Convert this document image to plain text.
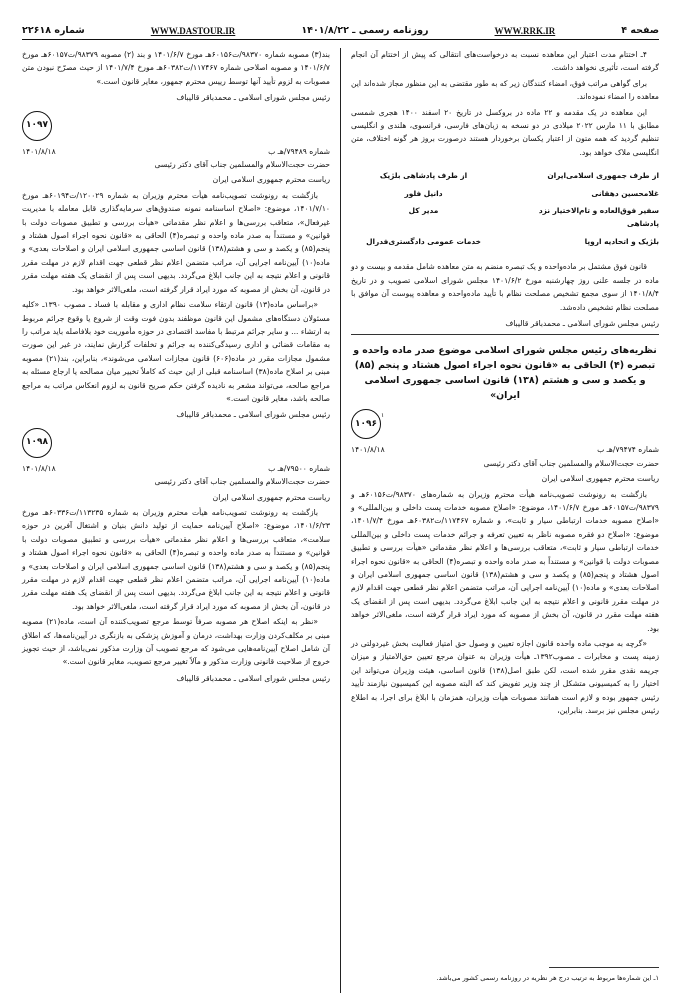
صفحه ۴
WWW.RRK.IR
روزنامه رسمی ـ ۱۴۰۱/۸/۲۲
WWW.DASTOUR.IR
شماره ۲۲۶۱۸

۴ـ اختتام مدت اعتبار این معاهده نسبت به درخواست‌های انتقالی که پیش از اختتام آن انجام گرفته است، تأثیری نخواهد داشت.

برای گواهی مراتب فوق، امضاء کنندگان زیر که به طور مقتضی به این منظور مجاز شده‌اند این معاهده را امضاء نموده‌اند.

این معاهده در یک مقدمه و ۲۲ ماده در بروکسل در تاریخ ۲۰ اسفند ۱۴۰۰ هجری شمسی مطابق با ۱۱ مارس ۲۰۲۲ میلادی در دو نسخه به زبان‌های فارسی، فرانسوی، هلندی و انگلیسی تنظیم گردید که همه متون از اعتبار یکسان برخوردار هستند درصورت بروز هر گونه اختلاف، متن انگلیسی ملاک خواهد بود.

از طرف جمهوری اسلامی‌ایران
از طرف پادشاهی بلژیک
غلامحسین دهقانی
دانیل فلور
سفیر فوق‌العاده و تام‌الاختیار نزد پادشاهی
مدیر کل
بلژیک و اتحادیه اروپا
خدمات عمومی دادگستری‌فدرال

قانون فوق مشتمل بر ماده‌واحده و یک تبصره منضم به متن معاهده شامل مقدمه و بیست و دو ماده در جلسه علنی روز چهارشنبه مورخ ۱۴۰۱/۶/۲ مجلس شورای اسلامی تصویب و در تاریخ ۱۴۰۱/۸/۴ از سوی مجمع تشخیص مصلحت نظام با تأیید ماده‌واحده و معاهده پیوست آن موافق با مصلحت نظام تشخیص داده‌شد.

رئیس مجلس شورای اسلامی ـ محمدباقر قالیباف

نظریه‌های رئیس مجلس شورای اسلامی موضوع صدر ماده واحده و تبصره (۴) الحاقی به «قانون نحوه اجراء اصول هشتاد و پنجم (۸۵) و یکصد و سی و هشتم (۱۳۸) قانون اساسی جمهوری اسلامی ایران»
۱
۱۰۹۶
شماره ۷۹۴۷۴/هـ ب
۱۴۰۱/۸/۱۸

حضرت حجت‌الاسلام والمسلمین جناب آقای دکتر رئیسی

ریاست محترم جمهوری اسلامی ایران

بازگشت به رونوشت تصویب‌نامه هیأت محترم وزیران به شماره‌های ۹۸۳۷۰/ت۶۰۱۵۶هـ و ۹۸۳۷۹/ت۶۰۱۵۷هـ مورخ ۱۴۰۱/۶/۷، موضوع: «اصلاح مصوبه خدمات پست داخلی و بین‌المللی» و «اصلاح مصوبه خدمات ارتباطی سیار و ثابت»، و شماره ۱۱۷۴۶۷/ت۶۰۳۸۲هـ مورخ ۱۴۰۱/۷/۴، موضوع: «اصلاح دو فقره مصوبه ناظر به تعیین تعرفه و جرائم خدمات پست داخلی و بین‌المللی خدمات ارتباطی سیار و ثابت»، متعاقب بررسی‌ها و اعلام نظر مقدماتی «هیأت بررسی و تطبیق مصوبات دولت با قوانین» و مستنداً به صدر ماده واحده و تبصره(۴) الحاقی به «قانون نحوه اجراء اصول هشتاد و پنجم(۸۵) و یکصد و سی و هشتم(۱۳۸) قانون اساسی جمهوری اسلامی ایران و اصلاحات بعدی» و ماده(۱۰) آیین‌نامه اجرایی آن، مراتب متضمن اعلام نظر قطعی جهت اقدام لازم در مهلت مقرر قانونی و اعلام نتیجه به این جانب ابلاغ می‌گردد. بدیهی است پس از انقضای یک هفته مهلت مقرر در قانون، آن بخش از مصوبه که مورد ایراد قرار گرفته است، ملغی‌الاثر خواهد بود.

«گرچه به موجب ماده واحده قانون اجازه تعیین و وصول حق امتیاز فعالیت بخش غیردولتی در زمینه پست و مخابرات ـ مصوب۱۳۹۲ـ هیأت وزیران به عنوان مرجع تعیین حق‌الامتیاز و میزان جریمه نقدی مقرر شده است، لکن طبق اصل(۱۳۸) قانون اساسی، هیئت وزیران می‌تواند این اختیار را به کمیسیونی متشکل از چند وزیر تفویض کند که البته مصوبه این کمیسیون نیازمند تأیید رئیس جمهور بوده و لازم است همانند مصوبات هیأت وزیران، همزمان با ابلاغ برای اجرا، به اطلاع رئیس مجلس نیز برسد. بنابراین،

۱ـ این شماره‌ها مربوط به ترتیب درج هر نظریه در روزنامه رسمی کشور می‌باشد.

بند(۳) مصوبه شماره ۹۸۳۷۰/ت۶۰۱۵۶هـ مورخ ۱۴۰۱/۶/۷ و بند (۲) مصوبه ۹۸۳۷۹/ت۶۰۱۵۷هـ مورخ ۱۴۰۱/۶/۷ و مصوبه اصلاحی شماره ۱۱۷۴۶۷/ت۶۰۳۸۲هـ مورخ ۱۴۰۱/۷/۴ از حیث مصرّح نبودن متن مصوبات به لزوم تأیید آنها توسط رییس محترم جمهور، مغایر قانون است.»

رئیس مجلس شورای اسلامی ـ محمدباقر قالیباف

۱۰۹۷
شماره ۷۹۴۸۹/هـ ب
۱۴۰۱/۸/۱۸

حضرت حجت‌الاسلام والمسلمین جناب آقای دکتر رئیسی

ریاست محترم جمهوری اسلامی ایران

بازگشت به رونوشت تصویب‌نامه هیأت محترم وزیران به شماره ۱۲۰۰۲۹/ت۶۰۱۹۴هـ مورخ ۱۴۰۱/۷/۱۰، موضوع: «اصلاح اساسنامه نمونه صندوق‌های سرمایه‌گذاری قابل معامله با مدیریت غیرفعال»، متعاقب بررسی‌ها و اعلام نظر مقدماتی «هیأت بررسی و تطبیق مصوبات دولت با قوانین» و مستنداً به صدر ماده واحده و تبصره(۴) الحاقی به «قانون نحوه اجراء اصول هشتاد و پنجم(۸۵) و یکصد و سی و هشتم(۱۳۸) قانون اساسی جمهوری اسلامی ایران و اصلاحات بعدی» و ماده(۱۰) آیین‌نامه اجرایی آن، مراتب متضمن اعلام نظر قطعی جهت اقدام لازم در مهلت مقرر قانونی و اعلام نتیجه به این جانب ابلاغ می‌گردد. بدیهی است پس از انقضای یک هفته مهلت مقرر در قانون، آن بخش از مصوبه که مورد ایراد قرار گرفته است، ملغی‌الاثر خواهد بود.

«براساس ماده(۱۳) قانون ارتقاء سلامت نظام اداری و مقابله با فساد ـ مصوب ۱۳۹۰ـ «کلیه مسئولان دستگاه‌های مشمول این قانون موظفند بدون فوت وقت از شروع یا وقوع جرائم مربوط به ارتشاء ... و سایر جرائم مرتبط با مفاسد اقتصادی در حوزه مأموریت خود بلافاصله باید مراتب را به مقامات قضائی و اداری رسیدگی‌کننده به جرائم و تخلفات گزارش نمایند، در غیر این صورت مشمول مجازات مقرر در ماده(۶۰۶) قانون مجازات اسلامی می‌شوند»، بنابراین، بند(۲۱) مصوبه مبنی بر اصلاح ماده(۳۸) اساسنامه قبلی از این حیث که کاملاً تخییر میان مصالحه یا ارجاع مسئله به مراجع صالحه، می‌تواند مشعر به نادیده گرفتن حکم صریح قانون به لزوم انعکاس مراتب به مراجع صالحه باشد، مغایر قانون است.»

رئیس مجلس شورای اسلامی ـ محمدباقر قالیباف

۱۰۹۸
شماره ۷۹۵۰۰/هـ ب
۱۴۰۱/۸/۱۸

حضرت حجت‌الاسلام والمسلمین جناب آقای دکتر رئیسی

ریاست محترم جمهوری اسلامی ایران

بازگشت به رونوشت تصویب‌نامه هیأت محترم وزیران به شماره ۱۱۳۲۳۵/ت۶۰۳۳۶هـ مورخ ۱۴۰۱/۶/۲۳، موضوع: «اصلاح آیین‌نامه حمایت از تولید دانش بنیان و اشتغال آفرین در حوزه سلامت»، متعاقب بررسی‌ها و اعلام نظر مقدماتی «هیأت بررسی و تطبیق مصوبات دولت با قوانین» و مستنداً به صدر ماده واحده و تبصره(۴) الحاقی به «قانون نحوه اجراء اصول هشتاد و پنجم(۸۵) و یکصد و سی و هشتم(۱۳۸) قانون اساسی جمهوری اسلامی ایران و اصلاحات بعدی» و ماده(۱۰) آیین‌نامه اجرایی آن، مراتب متضمن اعلام نظر قطعی جهت اقدام لازم در مهلت مقرر قانونی و اعلام نتیجه به این جانب ابلاغ می‌گردد. بدیهی است پس از انقضای یک هفته مهلت مقرر در قانون، آن بخش از مصوبه که مورد ایراد قرار گرفته است، ملغی‌الاثر خواهد بود.

«نظر به اینکه اصلاح هر مصوبه صرفاً توسط مرجع تصویب‌کننده آن است، ماده(۲۱) مصوبه مبنی بر مکلف‌کردن وزارت بهداشت، درمان و آموزش پزشکی به بازنگری در آیین‌نامه‌ها، که اطلاق آن شامل اصلاح آیین‌نامه‌هایی می‌شود که مرجع تصویب آن وزارت مذکور نمی‌باشد، از حیث تجویز خروج از صلاحیت قانونی وزارت مذکور و مآلاً تغییر مرجع تصویب، مغایر قانون است.»

رئیس مجلس شورای اسلامی ـ محمدباقر قالیباف
